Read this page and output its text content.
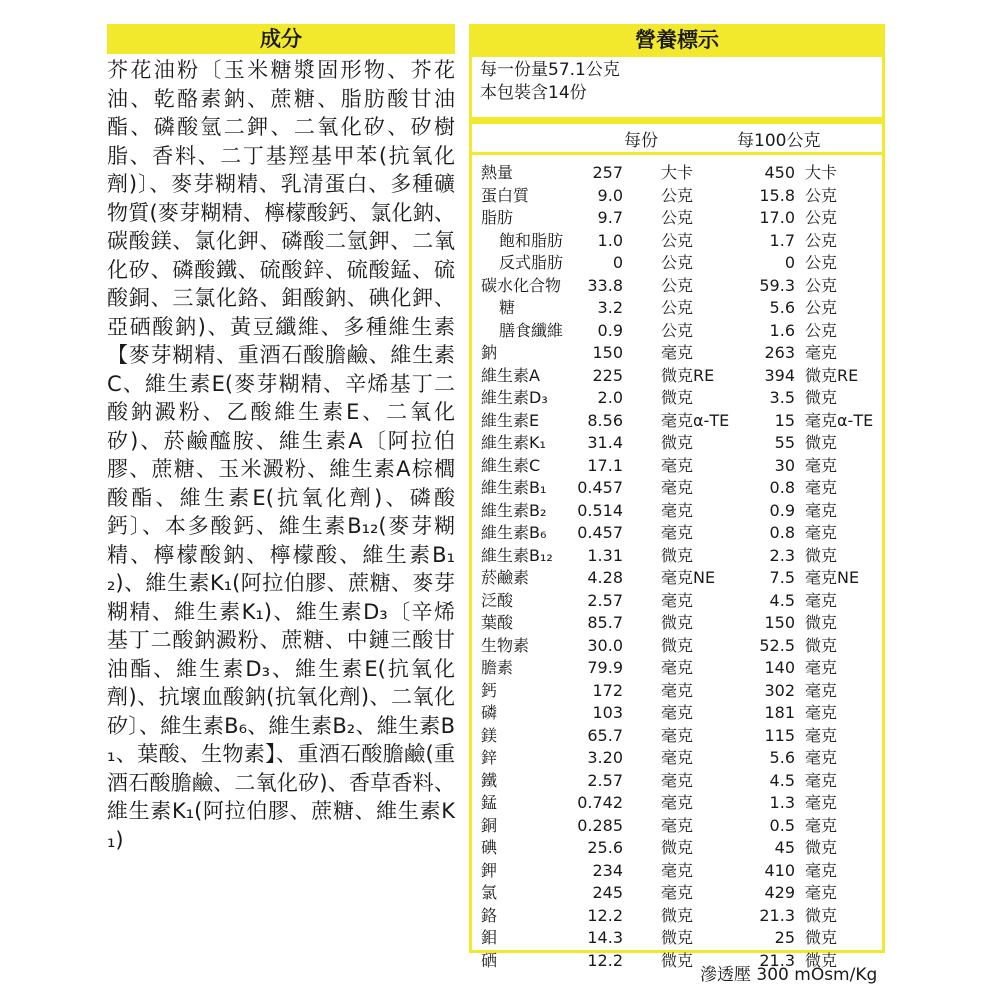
成分
芥花油粉〔玉米糖漿固形物、芥花油、乾酪素鈉、蔗糖、脂肪酸甘油酯、磷酸氫二鉀、二氧化矽、矽樹脂、香料、二丁基羥基甲苯(抗氧化劑)〕、麥芽糊精、乳清蛋白、多種礦物質(麥芽糊精、檸檬酸鈣、氯化鈉、碳酸鎂、氯化鉀、磷酸二氫鉀、二氧化矽、磷酸鐵、硫酸鋅、硫酸錳、硫酸銅、三氯化鉻、鉬酸鈉、碘化鉀、亞硒酸鈉)、黃豆纖維、多種維生素【麥芽糊精、重酒石酸膽鹼、維生素C、維生素E(麥芽糊精、辛烯基丁二酸鈉澱粉、乙酸維生素E、二氧化矽)、菸鹼醯胺、維生素A〔阿拉伯膠、蔗糖、玉米澱粉、維生素A棕櫚酸酯、維生素E(抗氧化劑)、磷酸鈣〕、本多酸鈣、維生素B₁₂(麥芽糊精、檸檬酸鈉、檸檬酸、維生素B₁₂)、維生素K₁(阿拉伯膠、蔗糖、麥芽糊精、維生素K₁)、維生素D₃〔辛烯基丁二酸鈉澱粉、蔗糖、中鏈三酸甘油酯、維生素D₃、維生素E(抗氧化劑)、抗壞血酸鈉(抗氧化劑)、二氧化矽〕、維生素B₆、維生素B₂、維生素B₁、葉酸、生物素】、重酒石酸膽鹼(重酒石酸膽鹼、二氧化矽)、香草香料、維生素K₁(阿拉伯膠、蔗糖、維生素K₁)
營養標示
每一份量57.1公克
本包裝含14份
每份	每100公克
熱量	257 大卡	450 大卡
蛋白質	9.0 公克	15.8 公克
脂肪	9.7 公克	17.0 公克
飽和脂肪 1.0 公克	1.7 公克
反式脂肪	0 公克	0 公克
碳水化合物 33.8 公克	59.3 公克
糖	3.2 公克	5.6 公克
膳食纖維 0.9 公克	1.6 公克
鈉	150 毫克	263 毫克
維生素A	225 微克RE	394 微克RE
維生素D₃	2.0 微克	3.5 微克
維生素E	8.56 毫克α-TE	15 毫克α-TE
維生素K₁	31.4 微克	55 微克
維生素C	17.1 毫克	30 毫克
維生素B₁ 0.457 毫克	0.8 毫克
維生素B₂ 0.514 毫克	0.9 毫克
維生素B₆ 0.457 毫克	0.8 毫克
維生素B₁₂ 1.31 微克	2.3 微克
菸鹼素	4.28 毫克NE	7.5 毫克NE
泛酸	2.57 毫克	4.5 毫克
葉酸	85.7 微克	150 微克
生物素	30.0 微克	52.5 微克
膽素	79.9 毫克	140 毫克
鈣	172 毫克	302 毫克
磷	103 毫克	181 毫克
鎂	65.7 毫克	115 毫克
鋅	3.20 毫克	5.6 毫克
鐵	2.57 毫克	4.5 毫克
錳	0.742 毫克	1.3 毫克
銅	0.285 毫克	0.5 毫克
碘	25.6 微克	45 微克
鉀	234 毫克	410 毫克
氯	245 毫克	429 毫克
鉻	12.2 微克	21.3 微克
鉬	14.3 微克	25 微克
硒	12.2 微克	21.3 微克
滲透壓 300 mOsm/Kg
